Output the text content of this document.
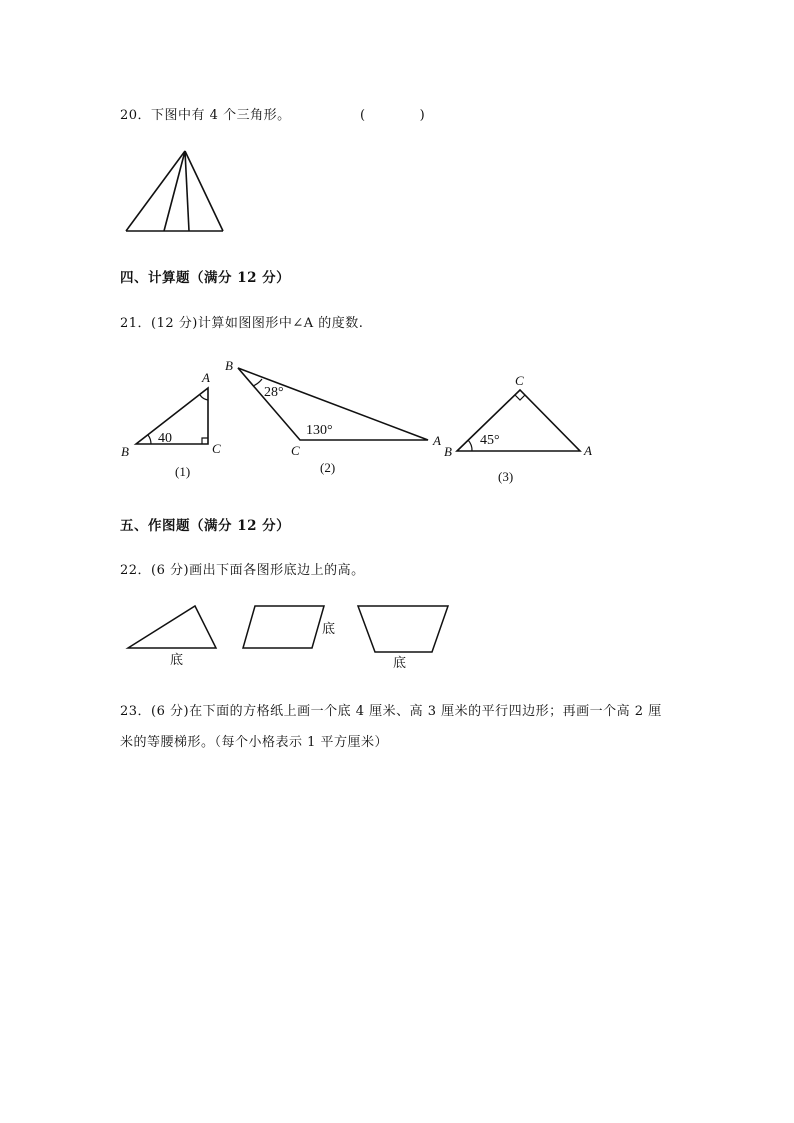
20．下图中有 4 个三角形。	(　　　　)
四、计算题（满分 12 分）
21．(12 分)计算如图图形中∠A 的度数.
A
B	C
40
(1)
B
C
A
28°
130°
(2)
C
B	A
45°
(3)
五、作图题（满分 12 分）
22．(6 分)画出下面各图形底边上的高。
底
底
底
23．(6 分)在下面的方格纸上画一个底 4 厘米、高 3 厘米的平行四边形；再画一个高 2 厘
米的等腰梯形。（每个小格表示 1 平方厘米）
